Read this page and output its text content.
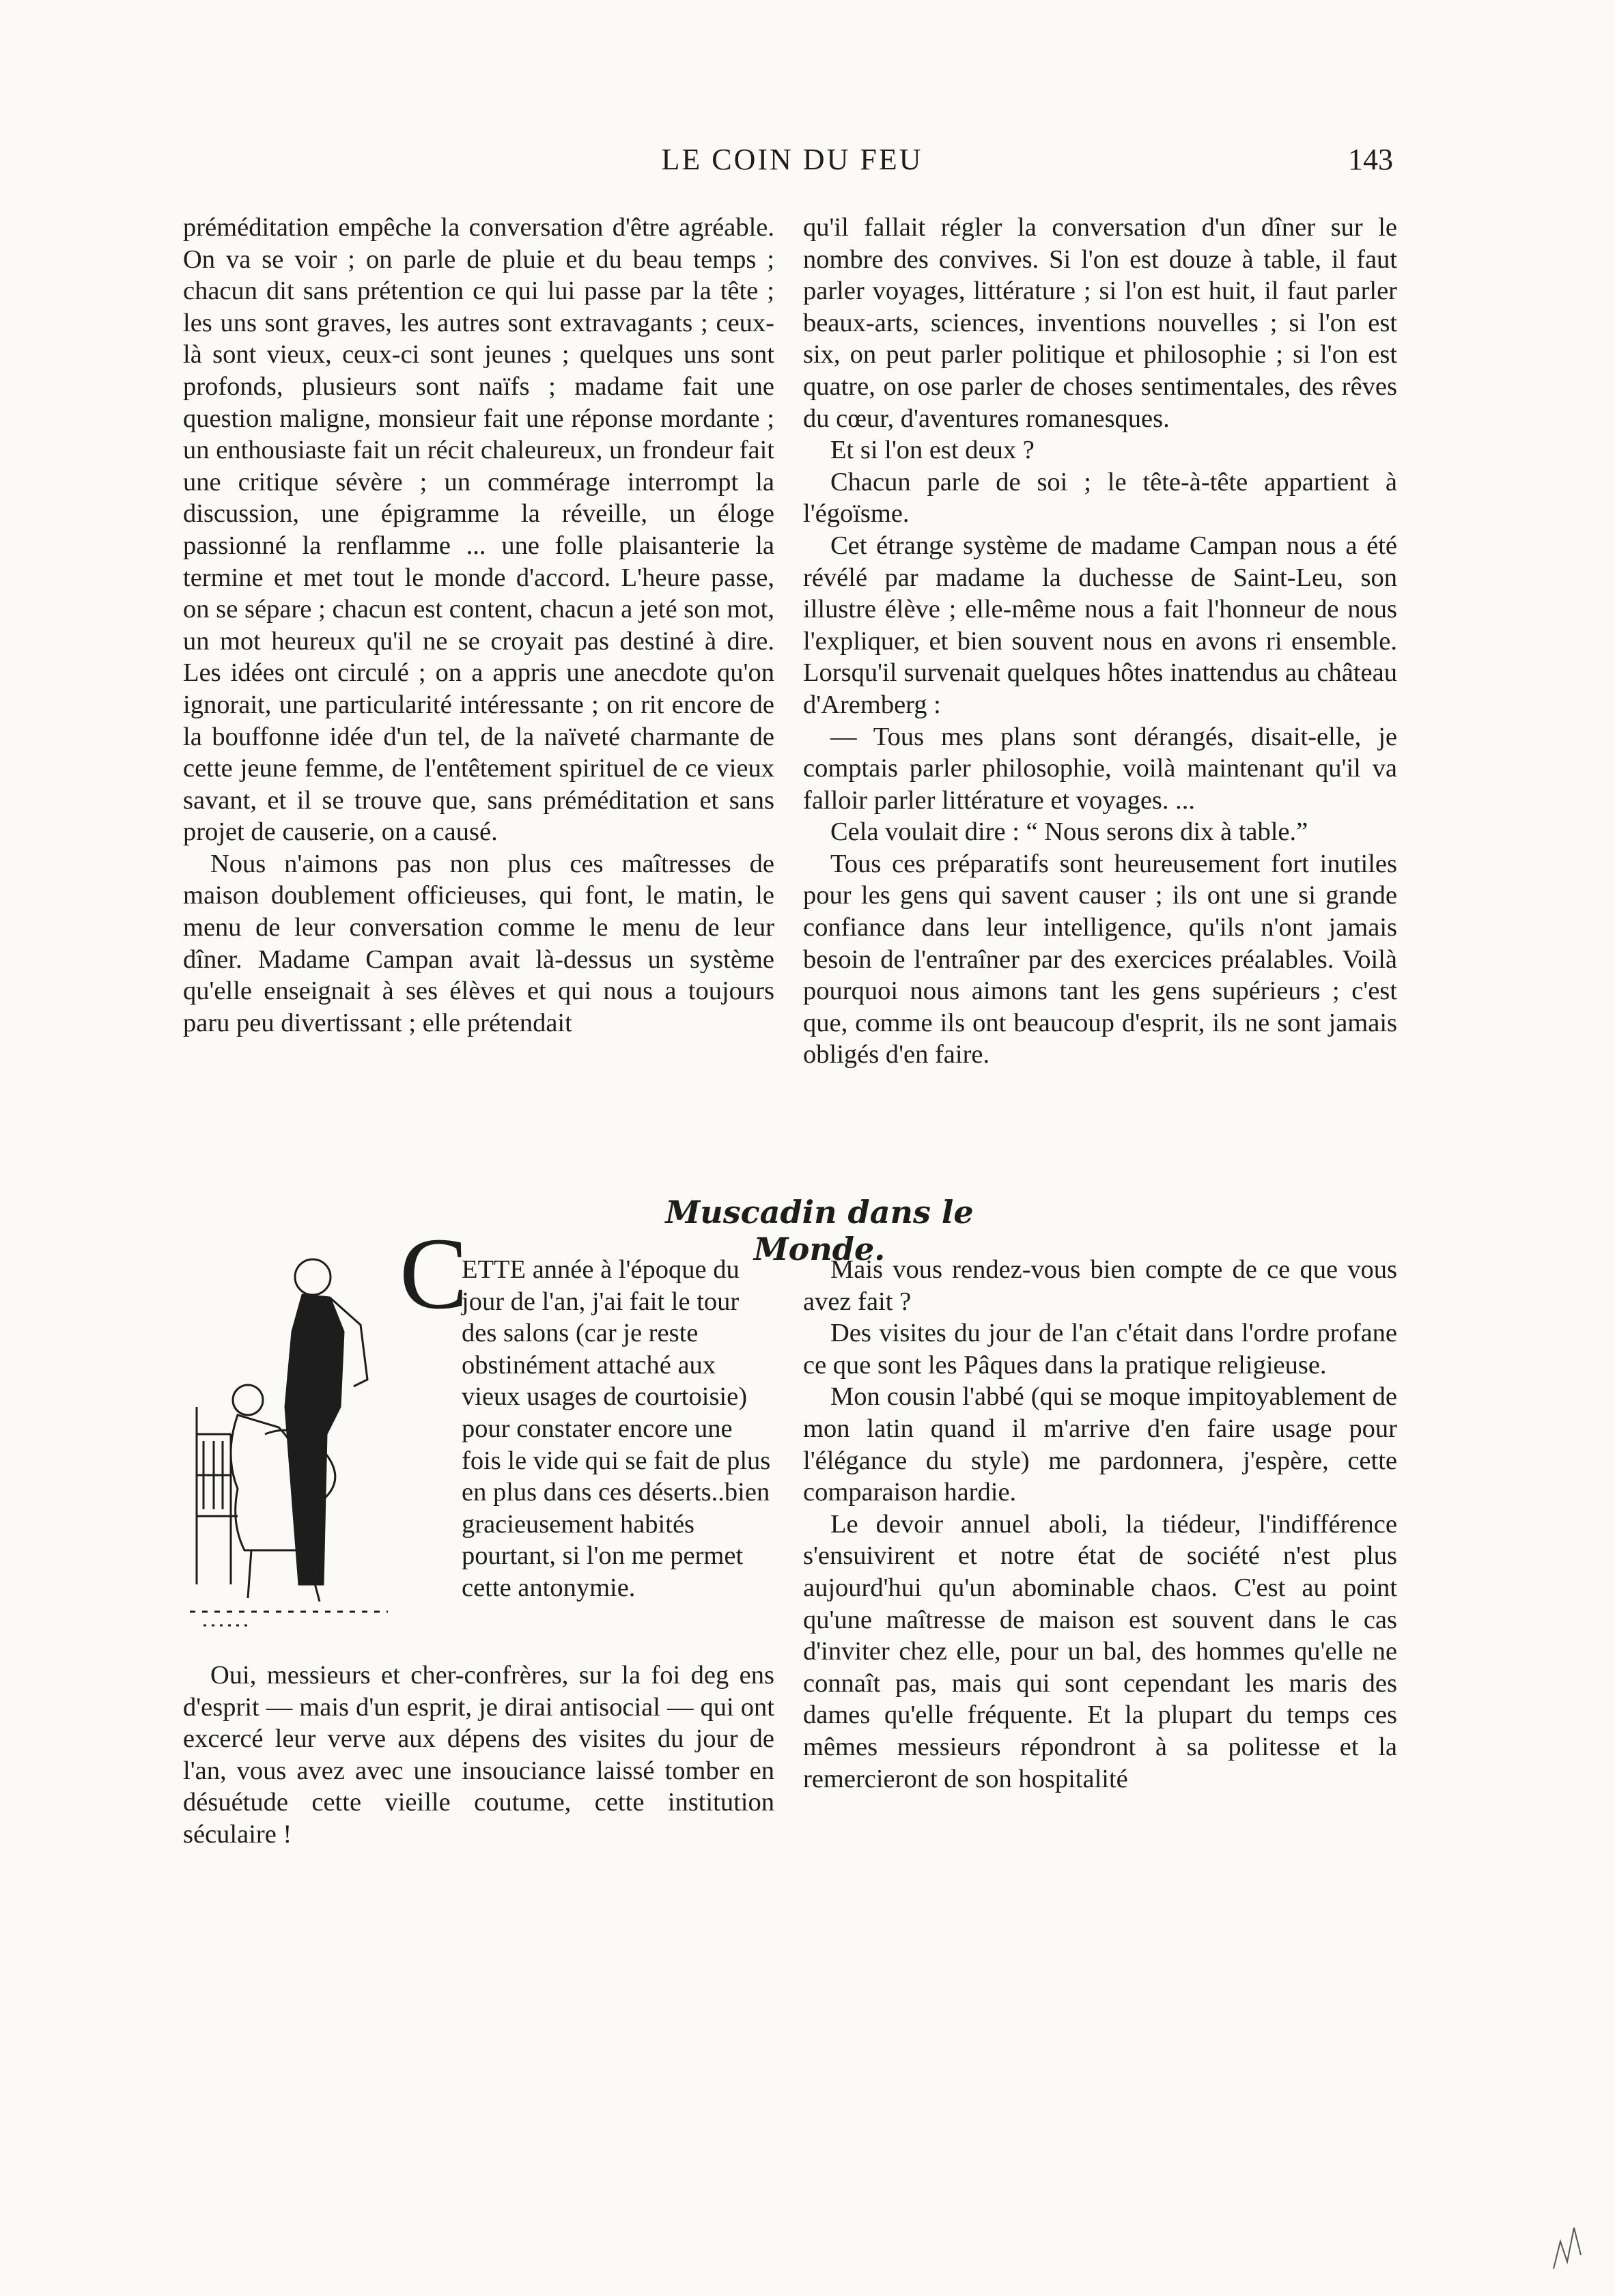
LE COIN DU FEU	143

préméditation empêche la conversation d'être agréable. On va se voir ; on parle de pluie et du beau temps ; chacun dit sans prétention ce qui lui passe par la tête ; les uns sont graves, les autres sont extravagants ; ceux-là sont vieux, ceux-ci sont jeunes ; quelques uns sont profonds, plusieurs sont naïfs ; madame fait une question maligne, monsieur fait une réponse mordante ; un enthousiaste fait un récit chaleureux, un frondeur fait une critique sévère ; un commérage interrompt la discussion, une épigramme la réveille, un éloge passionné la renflamme ... une folle plaisanterie la termine et met tout le monde d'accord. L'heure passe, on se sépare ; chacun est content, chacun a jeté son mot, un mot heureux qu'il ne se croyait pas destiné à dire. Les idées ont circulé ; on a appris une anecdote qu'on ignorait, une particularité intéressante ; on rit encore de la bouffonne idée d'un tel, de la naïveté charmante de cette jeune femme, de l'entêtement spirituel de ce vieux savant, et il se trouve que, sans préméditation et sans projet de causerie, on a causé.

Nous n'aimons pas non plus ces maîtresses de maison doublement officieuses, qui font, le matin, le menu de leur conversation comme le menu de leur dîner. Madame Campan avait là-dessus un système qu'elle enseignait à ses élèves et qui nous a toujours paru peu divertissant ; elle prétendait

qu'il fallait régler la conversation d'un dîner sur le nombre des convives. Si l'on est douze à table, il faut parler voyages, littérature ; si l'on est huit, il faut parler beaux-arts, sciences, inventions nouvelles ; si l'on est six, on peut parler politique et philosophie ; si l'on est quatre, on ose parler de choses sentimentales, des rêves du cœur, d'aventures romanesques.

Et si l'on est deux ?

Chacun parle de soi ; le tête-à-tête appartient à l'égoïsme.

Cet étrange système de madame Campan nous a été révélé par madame la duchesse de Saint-Leu, son illustre élève ; elle-même nous a fait l'honneur de nous l'expliquer, et bien souvent nous en avons ri ensemble. Lorsqu'il survenait quelques hôtes inattendus au château d'Aremberg :

— Tous mes plans sont dérangés, disait-elle, je comptais parler philosophie, voilà maintenant qu'il va falloir parler littérature et voyages. ...

Cela voulait dire : “ Nous serons dix à table.”

Tous ces préparatifs sont heureusement fort inutiles pour les gens qui savent causer ; ils ont une si grande confiance dans leur intelligence, qu'ils n'ont jamais besoin de l'entraîner par des exercices préalables. Voilà pourquoi nous aimons tant les gens supérieurs ; c'est que, comme ils ont beaucoup d'esprit, ils ne sont jamais obligés d'en faire.

Muscadin dans le Monde.
C

ETTE année à l'époque du jour de l'an, j'ai fait le tour des salons (car je reste obstinément attaché aux vieux usages de courtoisie) pour constater encore une fois le vide qui se fait de plus en plus dans ces déserts..bien gracieusement habités pourtant, si l'on me permet cette antonymie.

Oui, messieurs et cher-confrères, sur la foi deg ens d'esprit — mais d'un esprit, je dirai antisocial — qui ont excercé leur verve aux dépens des visites du jour de l'an, vous avez avec une insouciance laissé tomber en désuétude cette vieille coutume, cette institution séculaire !

Mais vous rendez-vous bien compte de ce que vous avez fait ?

Des visites du jour de l'an c'était dans l'ordre profane ce que sont les Pâques dans la pratique religieuse.

Mon cousin l'abbé (qui se moque impitoyablement de mon latin quand il m'arrive d'en faire usage pour l'élégance du style) me pardonnera, j'espère, cette comparaison hardie.

Le devoir annuel aboli, la tiédeur, l'indifférence s'ensuivirent et notre état de société n'est plus aujourd'hui qu'un abominable chaos. C'est au point qu'une maîtresse de maison est souvent dans le cas d'inviter chez elle, pour un bal, des hommes qu'elle ne connaît pas, mais qui sont cependant les maris des dames qu'elle fréquente. Et la plupart du temps ces mêmes messieurs répondront à sa politesse et la remercieront de son hospitalité
